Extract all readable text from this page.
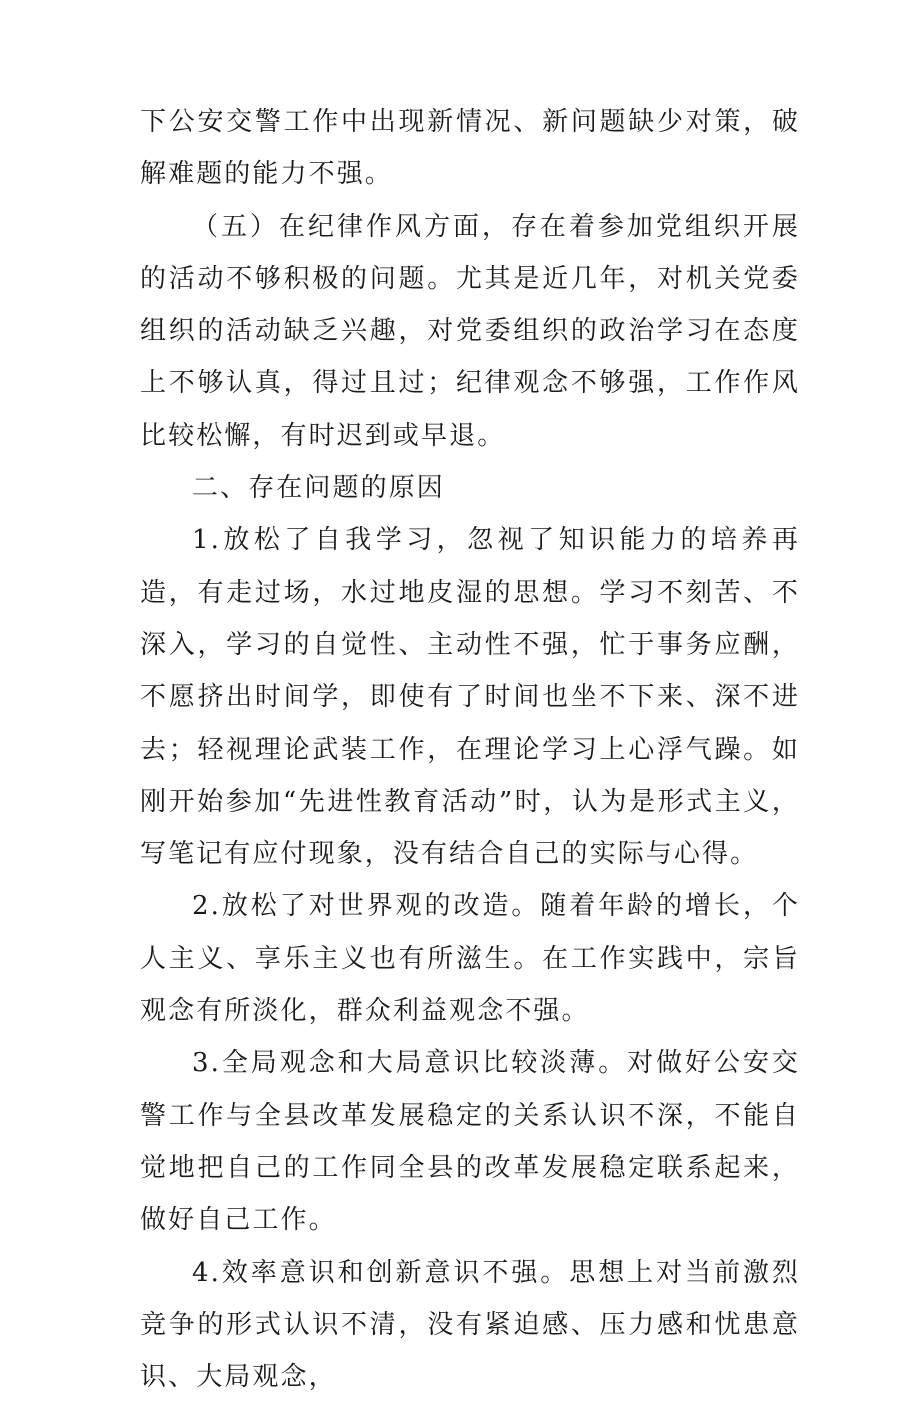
下公安交警工作中出现新情况、新问题缺少对策，破解难题的能力不强。

（五）在纪律作风方面，存在着参加党组织开展的活动不够积极的问题。尤其是近几年，对机关党委组织的活动缺乏兴趣，对党委组织的政治学习在态度上不够认真，得过且过；纪律观念不够强，工作作风比较松懈，有时迟到或早退。

二、存在问题的原因

1.放松了自我学习，忽视了知识能力的培养再造，有走过场，水过地皮湿的思想。学习不刻苦、不深入，学习的自觉性、主动性不强，忙于事务应酬，不愿挤出时间学，即使有了时间也坐不下来、深不进去；轻视理论武装工作，在理论学习上心浮气躁。如刚开始参加“先进性教育活动”时，认为是形式主义，写笔记有应付现象，没有结合自己的实际与心得。

2.放松了对世界观的改造。随着年龄的增长，个人主义、享乐主义也有所滋生。在工作实践中，宗旨观念有所淡化，群众利益观念不强。

3.全局观念和大局意识比较淡薄。对做好公安交警工作与全县改革发展稳定的关系认识不深，不能自觉地把自己的工作同全县的改革发展稳定联系起来，做好自己工作。

4.效率意识和创新意识不强。思想上对当前激烈竞争的形式认识不清，没有紧迫感、压力感和忧患意识、大局观念，
